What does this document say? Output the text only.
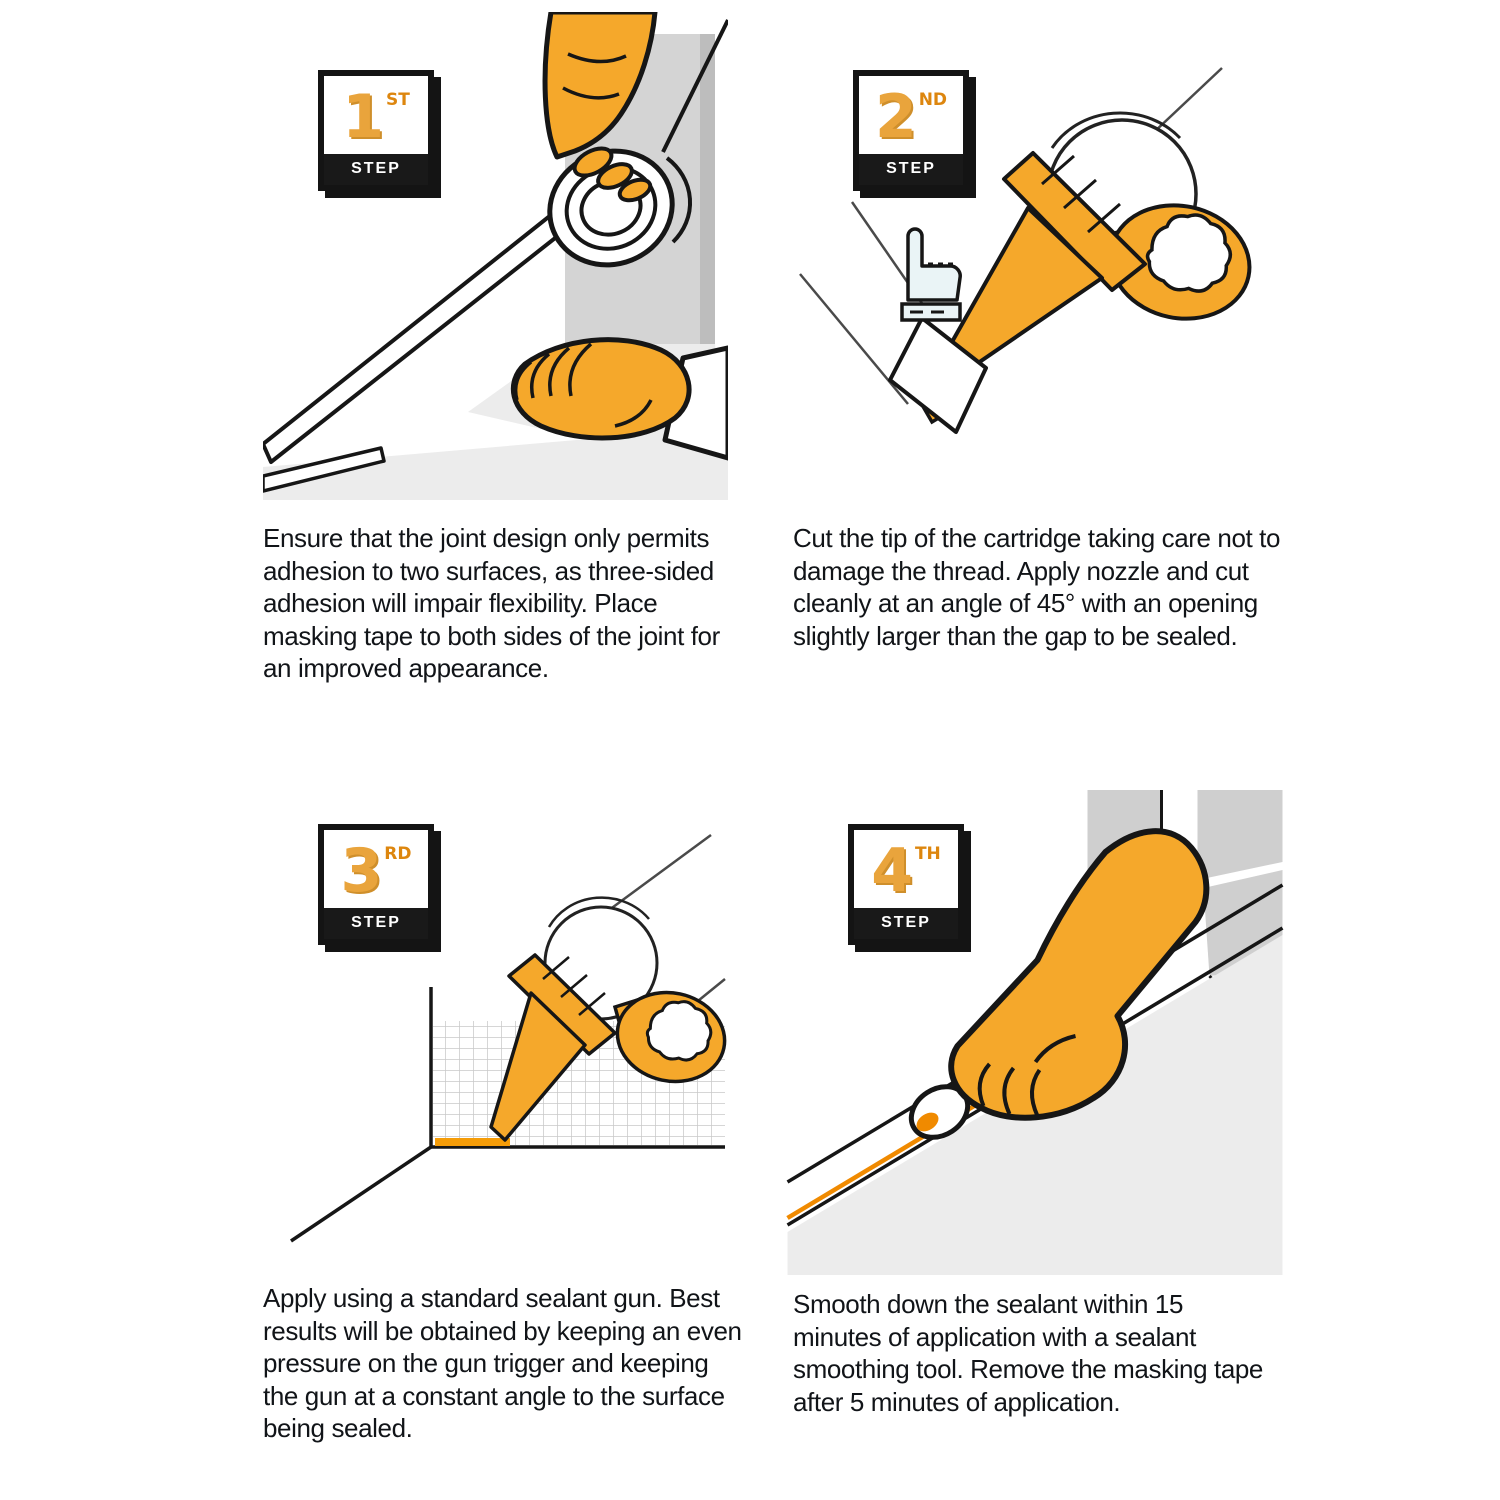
1 ST
STEP
2 ND
STEP
3 RD
STEP
4 TH
STEP

Ensure that the joint design only permits adhesion to two surfaces, as three-sided adhesion will impair flexibility. Place masking tape to both sides of the joint for an improved appearance.

Cut the tip of the cartridge taking care not to damage the thread. Apply nozzle and cut cleanly at an angle of 45° with an opening slightly larger than the gap to be sealed.

Apply using a standard sealant gun. Best results will be obtained by keeping an even pressure on the gun trigger and keeping the gun at a constant angle to the surface being sealed.

Smooth down the sealant within 15 minutes of application with a sealant smoothing tool. Remove the masking tape after 5 minutes of application.
